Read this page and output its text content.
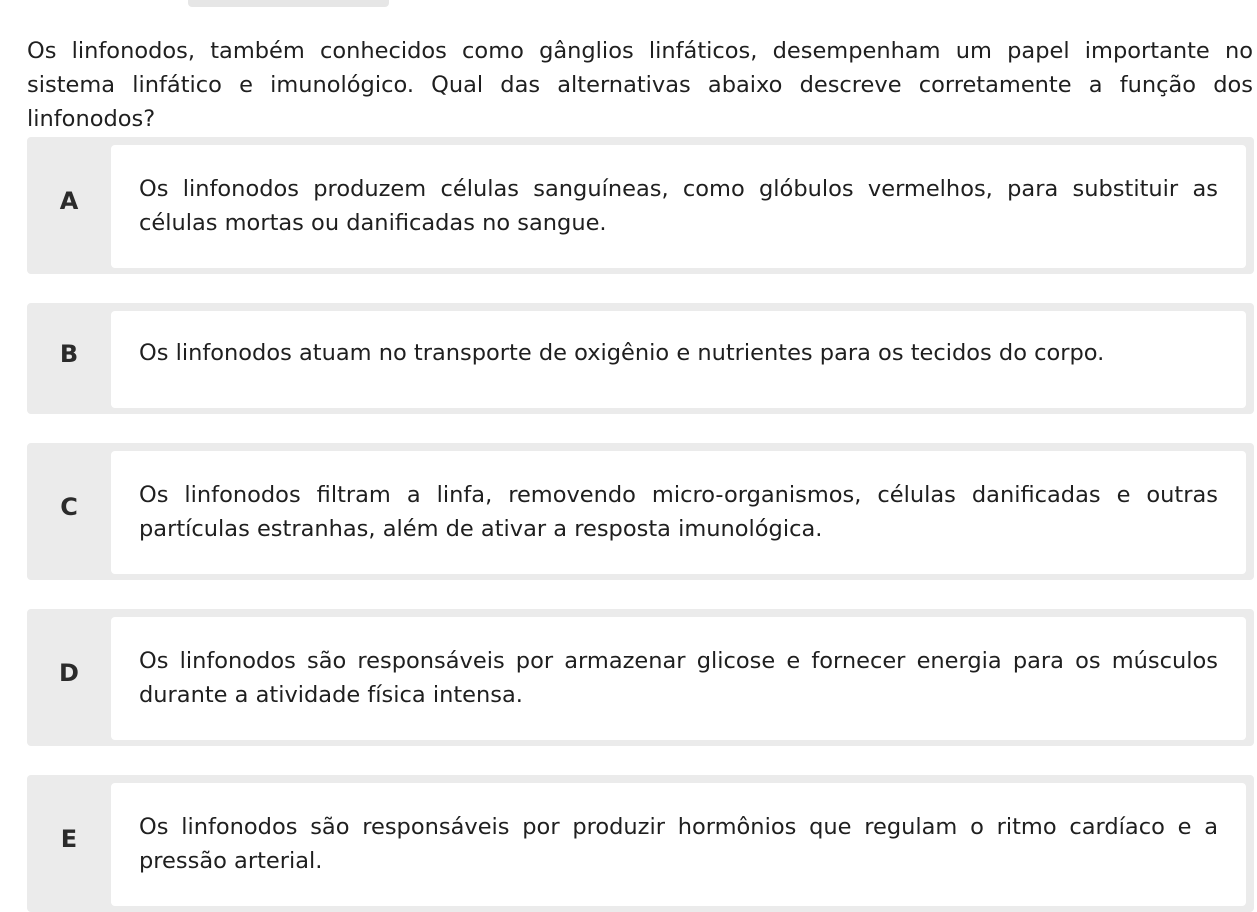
Os linfonodos, também conhecidos como gânglios linfáticos, desempenham um papel importante no sistema linfático e imunológico. Qual das alternativas abaixo descreve corretamente a função dos linfonodos?

A	Os linfonodos produzem células sanguíneas, como glóbulos vermelhos, para substituir as células mortas ou danificadas no sangue.
B	Os linfonodos atuam no transporte de oxigênio e nutrientes para os tecidos do corpo.
C	Os linfonodos filtram a linfa, removendo micro-organismos, células danificadas e outras partículas estranhas, além de ativar a resposta imunológica.
D	Os linfonodos são responsáveis por armazenar glicose e fornecer energia para os músculos durante a atividade física intensa.
E	Os linfonodos são responsáveis por produzir hormônios que regulam o ritmo cardíaco e a pressão arterial.
